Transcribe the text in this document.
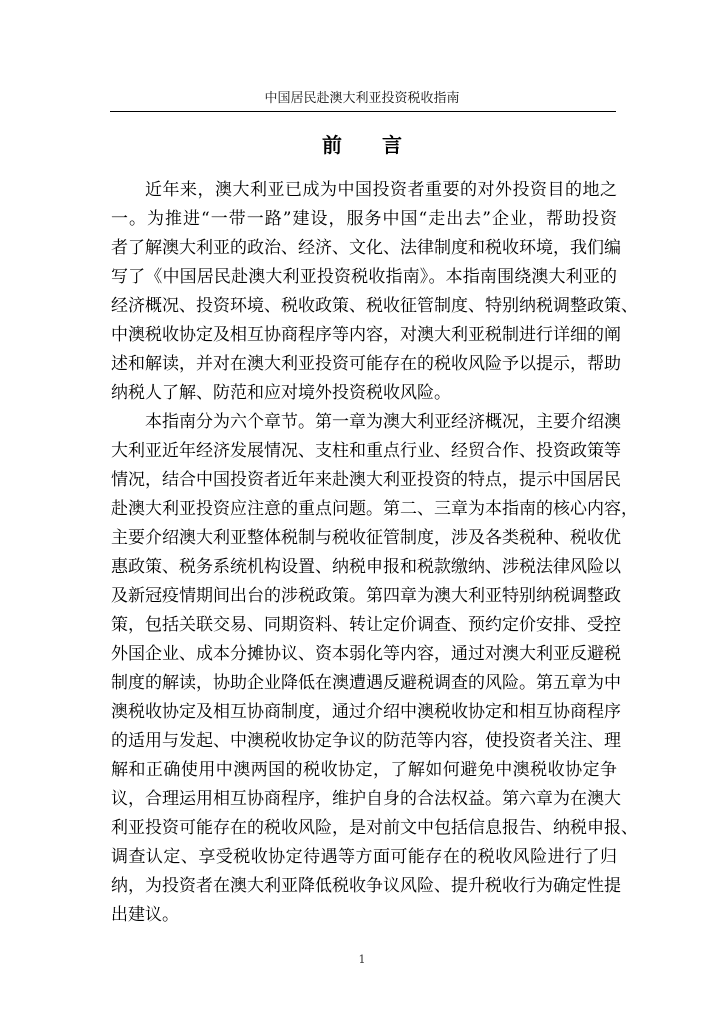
中国居民赴澳大利亚投资税收指南
前言
近年来，澳大利亚已成为中国投资者重要的对外投资目的地之
一。为推进“一带一路”建设，服务中国“走出去”企业，帮助投资
者了解澳大利亚的政治、经济、文化、法律制度和税收环境，我们编
写了《中国居民赴澳大利亚投资税收指南》。本指南围绕澳大利亚的
经济概况、投资环境、税收政策、税收征管制度、特别纳税调整政策、
中澳税收协定及相互协商程序等内容，对澳大利亚税制进行详细的阐
述和解读，并对在澳大利亚投资可能存在的税收风险予以提示，帮助
纳税人了解、防范和应对境外投资税收风险。
本指南分为六个章节。第一章为澳大利亚经济概况，主要介绍澳
大利亚近年经济发展情况、支柱和重点行业、经贸合作、投资政策等
情况，结合中国投资者近年来赴澳大利亚投资的特点，提示中国居民
赴澳大利亚投资应注意的重点问题。第二、三章为本指南的核心内容，
主要介绍澳大利亚整体税制与税收征管制度，涉及各类税种、税收优
惠政策、税务系统机构设置、纳税申报和税款缴纳、涉税法律风险以
及新冠疫情期间出台的涉税政策。第四章为澳大利亚特别纳税调整政
策，包括关联交易、同期资料、转让定价调查、预约定价安排、受控
外国企业、成本分摊协议、资本弱化等内容，通过对澳大利亚反避税
制度的解读，协助企业降低在澳遭遇反避税调查的风险。第五章为中
澳税收协定及相互协商制度，通过介绍中澳税收协定和相互协商程序
的适用与发起、中澳税收协定争议的防范等内容，使投资者关注、理
解和正确使用中澳两国的税收协定，了解如何避免中澳税收协定争
议，合理运用相互协商程序，维护自身的合法权益。第六章为在澳大
利亚投资可能存在的税收风险，是对前文中包括信息报告、纳税申报、
调查认定、享受税收协定待遇等方面可能存在的税收风险进行了归
纳，为投资者在澳大利亚降低税收争议风险、提升税收行为确定性提
出建议。
1
